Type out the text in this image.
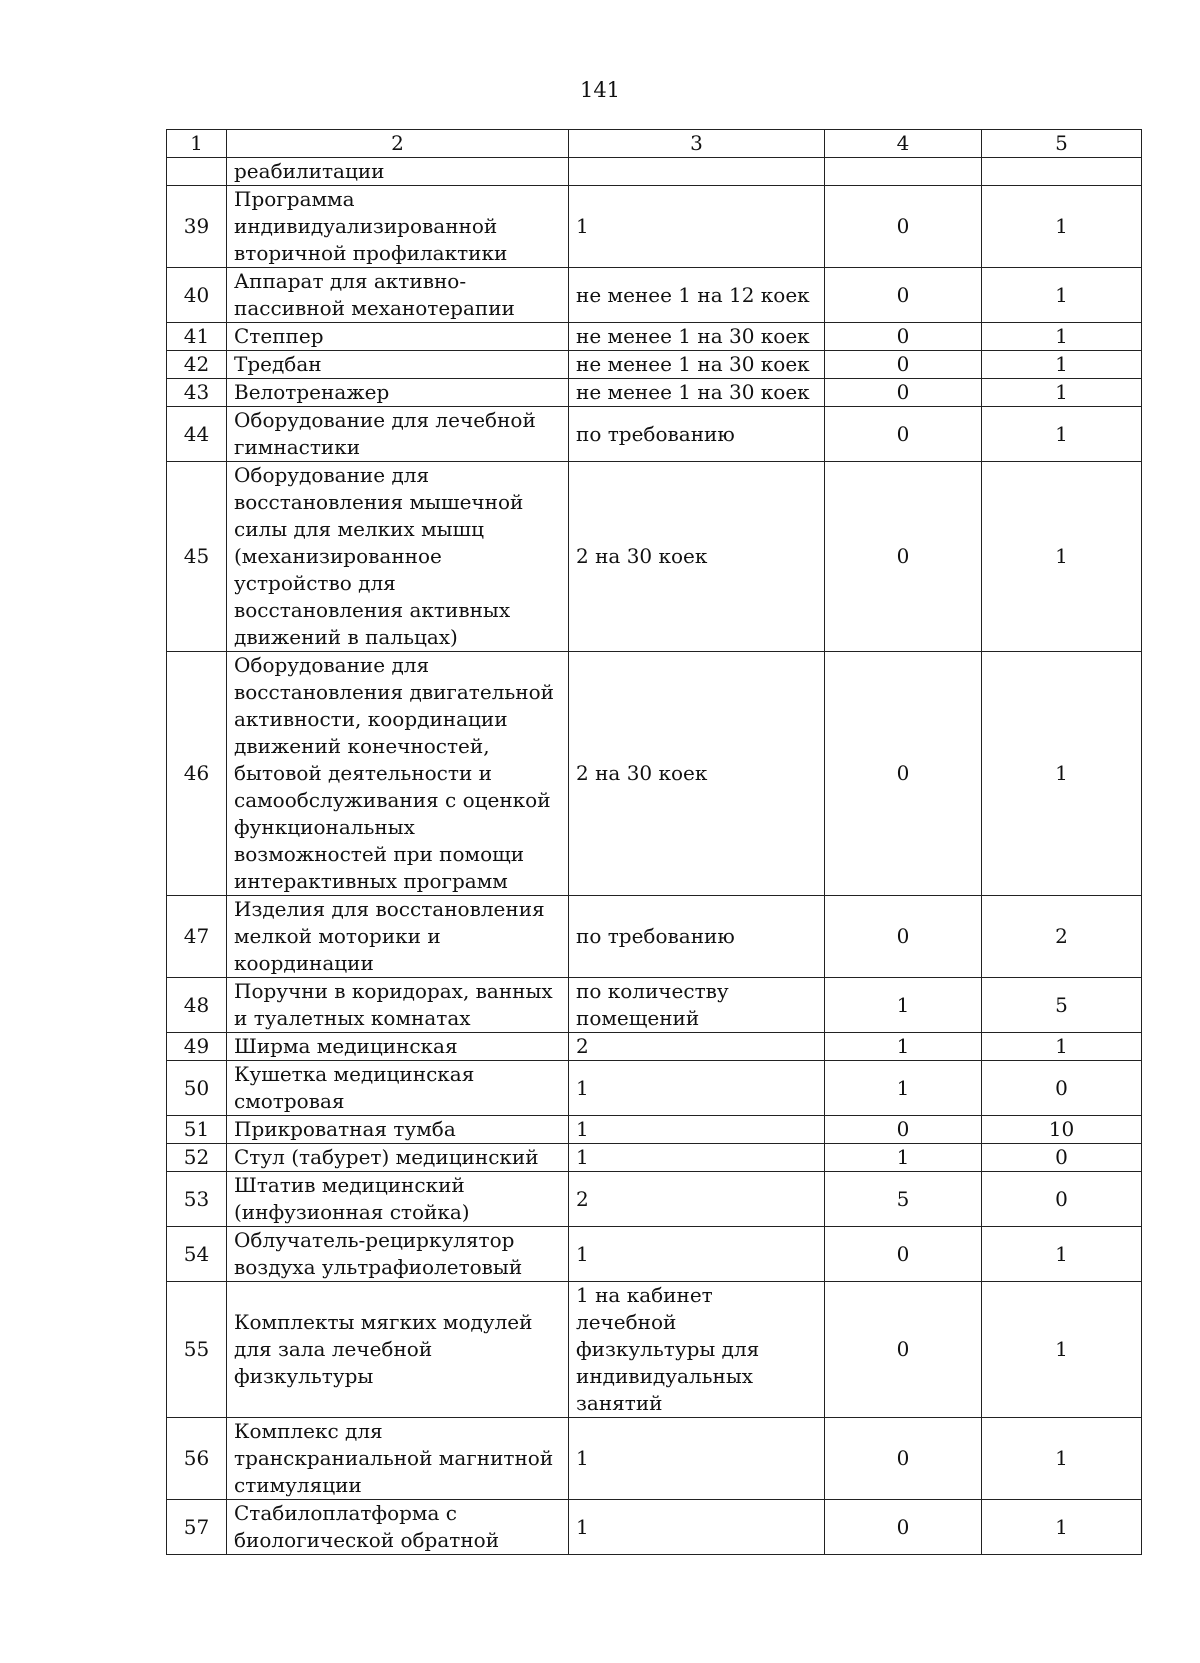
141
1	2	3	4	5
	реабилитации			
39	Программа индивидуализированной вторичной профилактики	1	0	1
40	Аппарат для активно-пассивной механотерапии	не менее 1 на 12 коек	0	1
41	Степпер	не менее 1 на 30 коек	0	1
42	Тредбан	не менее 1 на 30 коек	0	1
43	Велотренажер	не менее 1 на 30 коек	0	1
44	Оборудование для лечебной гимнастики	по требованию	0	1
45	Оборудование для восстановления мышечной силы для мелких мышц (механизированное устройство для восстановления активных движений в пальцах)	2 на 30 коек	0	1
46	Оборудование для восстановления двигательной активности, координации движений конечностей, бытовой деятельности и самообслуживания с оценкой функциональных возможностей при помощи интерактивных программ	2 на 30 коек	0	1
47	Изделия для восстановления мелкой моторики и координации	по требованию	0	2
48	Поручни в коридорах, ванных и туалетных комнатах	по количеству помещений	1	5
49	Ширма медицинская	2	1	1
50	Кушетка медицинская смотровая	1	1	0
51	Прикроватная тумба	1	0	10
52	Стул (табурет) медицинский	1	1	0
53	Штатив медицинский (инфузионная стойка)	2	5	0
54	Облучатель-рециркулятор воздуха ультрафиолетовый	1	0	1
55	Комплекты мягких модулей для зала лечебной физкультуры	1 на кабинет лечебной физкультуры для индивидуальных занятий	0	1
56	Комплекс для транскраниальной магнитной стимуляции	1	0	1
57	Стабилоплатформа с биологической обратной	1	0	1
